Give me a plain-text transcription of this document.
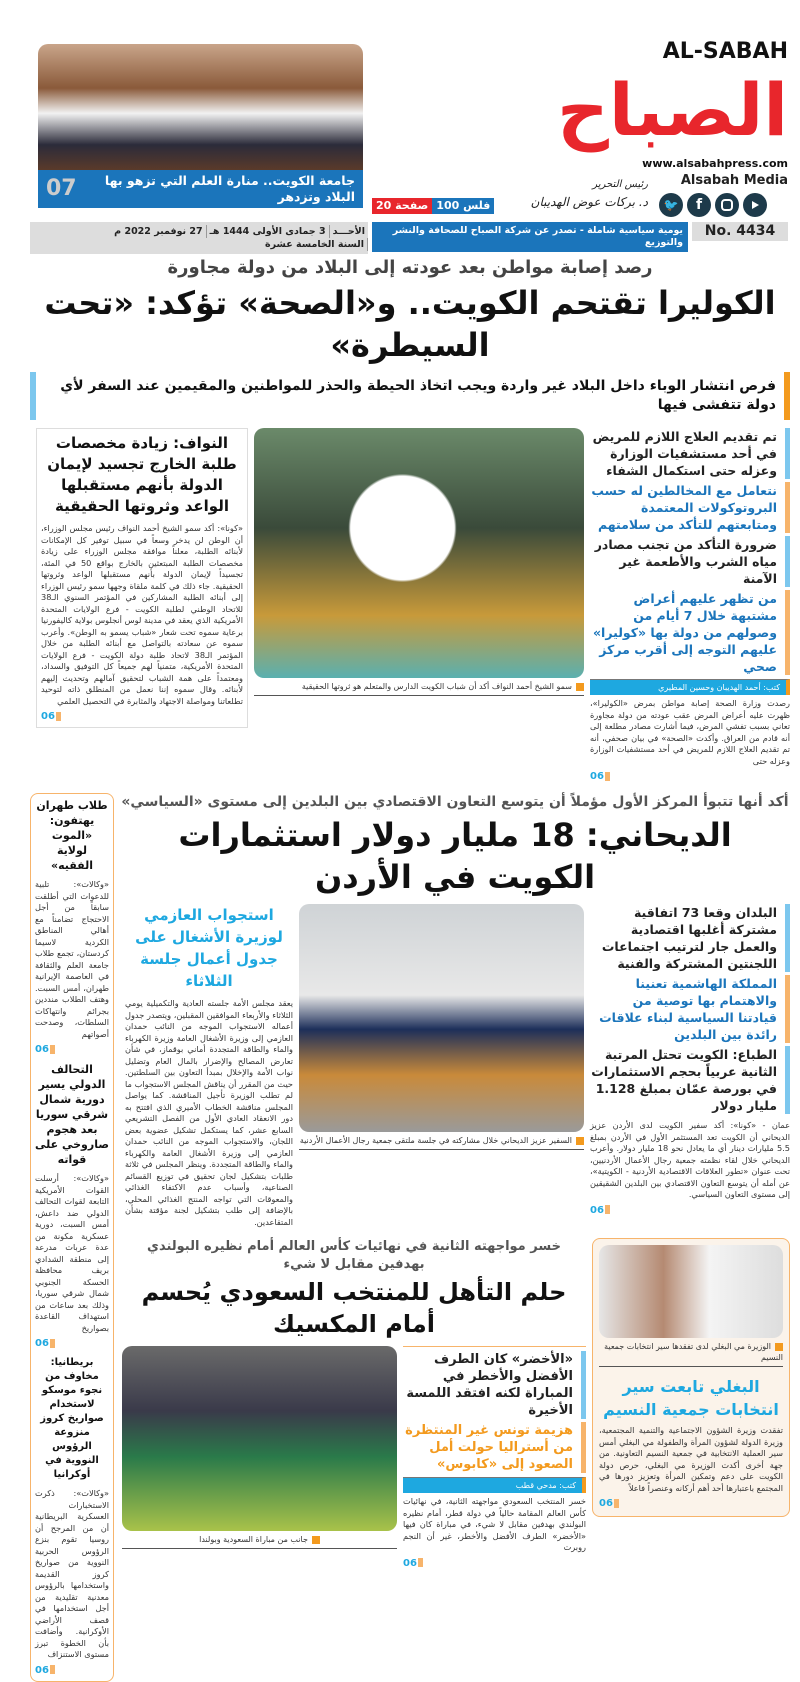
07	جامعة الكويت.. منارة العلم التي تزهو بها البلاد وتزدهر
AL-SABAH
الصباح
www.alsabahpress.com
Alsabah Media
🐦	f
رئيس التحرير
د. بركات عوض الهديبان
20 صفحة 100 فلس
يومية سياسية شاملة - تصدر عن شركة الصباح للصحافة والنشر والتوزيع
No. 4434
الأحـــد
3 جمادى الأولى 1444 هـ
27 نوفمبر 2022 م
السنة الخامسة عشرة
رصد إصابة مواطن بعد عودته إلى البلاد من دولة مجاورة
الكوليرا تقتحم الكويت.. و«الصحة» تؤكد: «تحت السيطرة»
فرص انتشار الوباء داخل البلاد غير واردة ويجب اتخاذ الحيطة والحذر للمواطنين والمقيمين عند السفر لأي دولة تتفشى فيها
تم تقديم العلاج اللازم للمريض في أحد مستشفيات الوزارة وعزله حتى استكمال الشفاء
نتعامل مع المخالطين له حسب البروتوكولات المعتمدة ومتابعتهم للتأكد من سلامتهم
ضرورة التأكد من تجنب مصادر مياه الشرب والأطعمة غير الآمنة
من تظهر عليهم أعراض مشتبهة خلال 7 أيام من وصولهم من دولة بها «كوليرا» عليهم التوجه إلى أقرب مركز صحي
كتب: أحمد الهديبان وحسين المطيري
رصدت وزارة الصحة إصابة مواطن بمرض «الكوليرا»، ظهرت عليه أعراض المرض عقب عودته من دولة مجاورة تعاني بسبب تفشي المرض، فيما أشارت مصادر مطلعة إلى أنه قادم من العراق. وأكدت «الصحة» في بيان صحفي، أنه تم تقديم العلاج اللازم للمريض في أحد مستشفيات الوزارة وعزله حتى
06
سمو الشيخ أحمد النواف أكد أن شباب الكويت الدارس والمتعلم هو ثروتها الحقيقية
النواف: زيادة مخصصات طلبة الخارج تجسيد لإيمان الدولة بأنهم مستقبلها الواعد وثروتها الحقيقية
«كونا»: أكد سمو الشيخ أحمد النواف رئيس مجلس الوزراء، أن الوطن لن يدخر وسعاً في سبيل توفير كل الإمكانات لأبنائه الطلبة، معلناً موافقة مجلس الوزراء على زيادة مخصصات الطلبة المبتعثين بالخارج بواقع 50 في المئة، تجسيداً لإيمان الدولة بأنهم مستقبلها الواعد وثروتها الحقيقية. جاء ذلك في كلمة ملقاة وجهها سمو رئيس الوزراء إلى أبنائه الطلبة المشاركين في المؤتمر السنوي الـ38 للاتحاد الوطني لطلبة الكويت - فرع الولايات المتحدة الأمريكية الذي يعقد في مدينة لوس أنجلوس بولاية كاليفورنيا برعاية سموه تحت شعار «شباب يسمو به الوطن». وأعرب سموه عن سعادته بالتواصل مع أبنائه الطلبة من خلال المؤتمر الـ38 لاتحاد طلبة دولة الكويت - فرع الولايات المتحدة الأمريكية، متمنياً لهم جميعاً كل التوفيق والسداد، ومعتمداً على همة الشباب لتحقيق آمالهم وتحديث إليهم لأبنائه. وقال سموه إننا نعمل من المنطلق ذاته لتوحيد تطلعاتنا ومواصلة الاجتهاد والمثابرة في التحصيل العلمي
06
أكد أنها تتبوأ المركز الأول مؤملاً أن يتوسع التعاون الاقتصادي بين البلدين إلى مستوى «السياسي»
الديحاني: 18 مليار دولار استثمارات الكويت في الأردن
البلدان وقعا 73 اتفاقية مشتركة أغلبها اقتصادية والعمل جار لترتيب اجتماعات اللجنتين المشتركة والفنية
المملكة الهاشمية تعنينا والاهتمام بها توصية من قيادتنا السياسية لبناء علاقات رائدة بين البلدين
الطباع: الكويت تحتل المرتبة الثانية عربياً بحجم الاستثمارات في بورصة عمّان بمبلغ 1.128 مليار دولار
عمان - «كونا»: أكد سفير الكويت لدى الأردن عزيز الديحاني أن الكويت تعد المستثمر الأول في الأردن بمبلغ 5.5 مليارات دينار أي ما يعادل نحو 18 مليار دولار. وأعرب الديحاني خلال لقاء نظمته جمعية رجال الأعمال الأردنيين، تحت عنوان «تطور العلاقات الاقتصادية الأردنية - الكويتية»، عن أمله أن يتوسع التعاون الاقتصادي بين البلدين الشقيقين إلى مستوى التعاون السياسي.
06
السفير عزيز الديحاني خلال مشاركته في جلسة ملتقى جمعية رجال الأعمال الأردنية
استجواب العازمي لوزيرة الأشغال على جدول أعمال جلسة الثلاثاء
يعقد مجلس الأمة جلسته العادية والتكميلية يومي الثلاثاء والأربعاء الموافقين المقبلين، ويتصدر جدول أعماله الاستجواب الموجه من النائب حمدان العازمي إلى وزيرة الأشغال العامة وزيرة الكهرباء والماء والطاقة المتجددة أماني بوقماز، في شأن تعارض المصالح والإضرار بالمال العام وتضليل نواب الأمة والإخلال بمبدأ التعاون بين السلطتين. حيث من المقرر أن يناقش المجلس الاستجواب ما لم تطلب الوزيرة تأجيل المناقشة. كما يواصل المجلس مناقشة الخطاب الأميري الذي افتتح به دور الانعقاد العادي الأول من الفصل التشريعي السابع عشر، كما يستكمل تشكيل عضوية بعض اللجان، والاستجواب الموجه من النائب حمدان العازمي إلى وزيرة الأشغال العامة والكهرباء والماء والطاقة المتجددة. وينظر المجلس في ثلاثة طلبات بتشكيل لجان تحقيق في توزيع القسائم الصناعية، وأسباب عدم الاكتفاء الغذائي والمعوقات التي تواجه المنتج الغذائي المحلي، بالإضافة إلى طلب بتشكيل لجنة مؤقتة بشأن المتقاعدين.
الوزيرة مي البغلي لدى تفقدها سير انتخابات جمعية النسيم
البغلي تابعت سير انتخابات جمعية النسيم
تفقدت وزيرة الشؤون الاجتماعية والتنمية المجتمعية، وزيرة الدولة لشؤون المرأة والطفولة مي البغلي أمس سير العملية الانتخابية في جمعية النسيم التعاونية. من جهة أخرى أكدت الوزيرة مي البغلي، حرص دولة الكويت على دعم وتمكين المرأة وتعزيز دورها في المجتمع باعتبارها أحد أهم أركانه وعنصراً فاعلاً
06
خسر مواجهته الثانية في نهائيات كأس العالم أمام نظيره البولندي بهدفين مقابل لا شيء
حلم التأهل للمنتخب السعودي يُحسم أمام المكسيك
«الأخضر» كان الطرف الأفضل والأخطر في المباراة لكنه افتقد اللمسة الأخيرة
هزيمة تونس غير المنتظرة من أستراليا حولت أمل الصعود إلى «كابوس»
كتب: مدحي قطب
خسر المنتخب السعودي مواجهته الثانية، في نهائيات كأس العالم المقامة حالياً في دولة قطر، أمام نظيره البولندي بهدفين مقابل لا شيء، في مباراة كان فيها «الأخضر» الطرف الأفضل والأخطر، غير أن النجم روبرت
06
جانب من مباراة السعودية وبولندا
طلاب طهران يهتفون: «الموت لولاية الفقيه»
«وكالات»: تلبية للدعوات التي أطلقت سابقاً من أجل الاحتجاج تضامناً مع أهالي المناطق الكردية لاسيما كردستان، تجمع طلاب جامعة العلم والثقافة في العاصمة الإيرانية طهران، أمس السبت. وهتف الطلاب منددين بجرائم وانتهاكات السلطات، وصدحت أصواتهم
06
التحالف الدولي يسير دورية شمال شرقي سوريا بعد هجوم صاروخي على قواته
«وكالات»: أرسلت القوات الأمريكية التابعة لقوات التحالف الدولي ضد داعش، أمس السبت، دورية عسكرية مكونة من عدة عربات مدرعة إلى منطقة الشدادي بريف محافظة الحسكة الجنوبي شمال شرقي سوريا، وذلك بعد ساعات من استهداف القاعدة بصواريخ
06
بريطانيا: مخاوف من نجوء موسكو لاستخدام صواريخ كروز منزوعة الرؤوس النووية في أوكرانيا
«وكالات»: ذكرت الاستخبارات العسكرية البريطانية أن من المرجح أن روسيا تقوم بنزع الرؤوس الحربية النووية من صواريخ كروز القديمة واستخدامها بالرؤوس معدنية تقليدية من أجل استخدامها في قصف الأراضي الأوكرانية. وأضافت بأن الخطوة تبرز مستوى الاستنزاف
06
